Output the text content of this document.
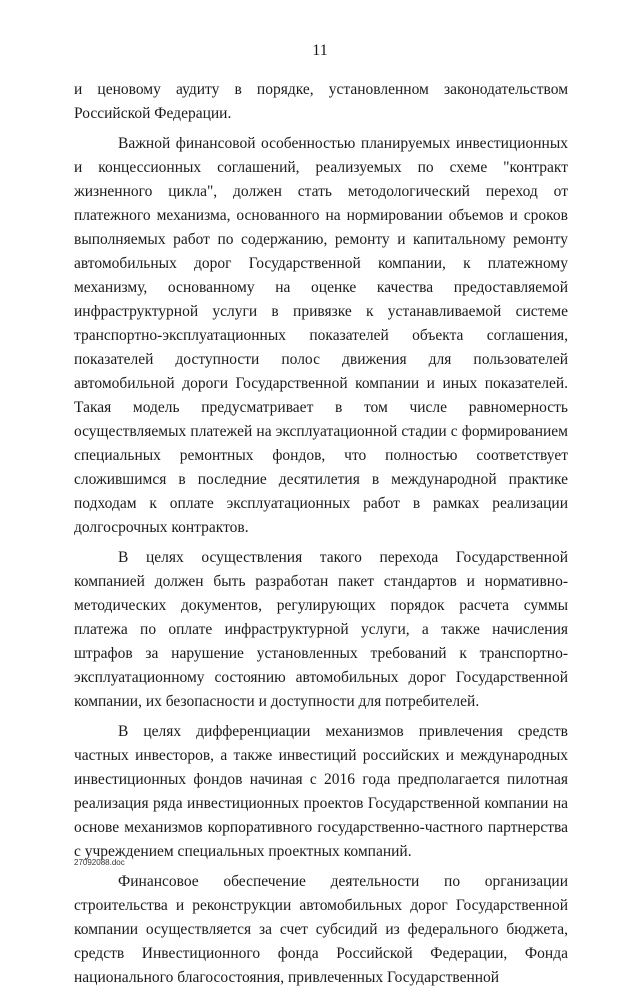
11

и ценовому аудиту в порядке, установленном законодательством Российской Федерации.

Важной финансовой особенностью планируемых инвестиционных и концессионных соглашений, реализуемых по схеме "контракт жизненного цикла", должен стать методологический переход от платежного механизма, основанного на нормировании объемов и сроков выполняемых работ по содержанию, ремонту и капитальному ремонту автомобильных дорог Государственной компании, к платежному механизму, основанному на оценке качества предоставляемой инфраструктурной услуги в привязке к устанавливаемой системе транспортно-эксплуатационных показателей объекта соглашения, показателей доступности полос движения для пользователей автомобильной дороги Государственной компании и иных показателей. Такая модель предусматривает в том числе равномерность осуществляемых платежей на эксплуатационной стадии с формированием специальных ремонтных фондов, что полностью соответствует сложившимся в последние десятилетия в международной практике подходам к оплате эксплуатационных работ в рамках реализации долгосрочных контрактов.

В целях осуществления такого перехода Государственной компанией должен быть разработан пакет стандартов и нормативно-методических документов, регулирующих порядок расчета суммы платежа по оплате инфраструктурной услуги, а также начисления штрафов за нарушение установленных требований к транспортно-эксплуатационному состоянию автомобильных дорог Государственной компании, их безопасности и доступности для потребителей.

В целях дифференциации механизмов привлечения средств частных инвесторов, а также инвестиций российских и международных инвестиционных фондов начиная с 2016 года предполагается пилотная реализация ряда инвестиционных проектов Государственной компании на основе механизмов корпоративного государственно-частного партнерства с учреждением специальных проектных компаний.

Финансовое обеспечение деятельности по организации строительства и реконструкции автомобильных дорог Государственной компании осуществляется за счет субсидий из федерального бюджета, средств Инвестиционного фонда Российской Федерации, Фонда национального благосостояния, привлеченных Государственной

27092088.doc
